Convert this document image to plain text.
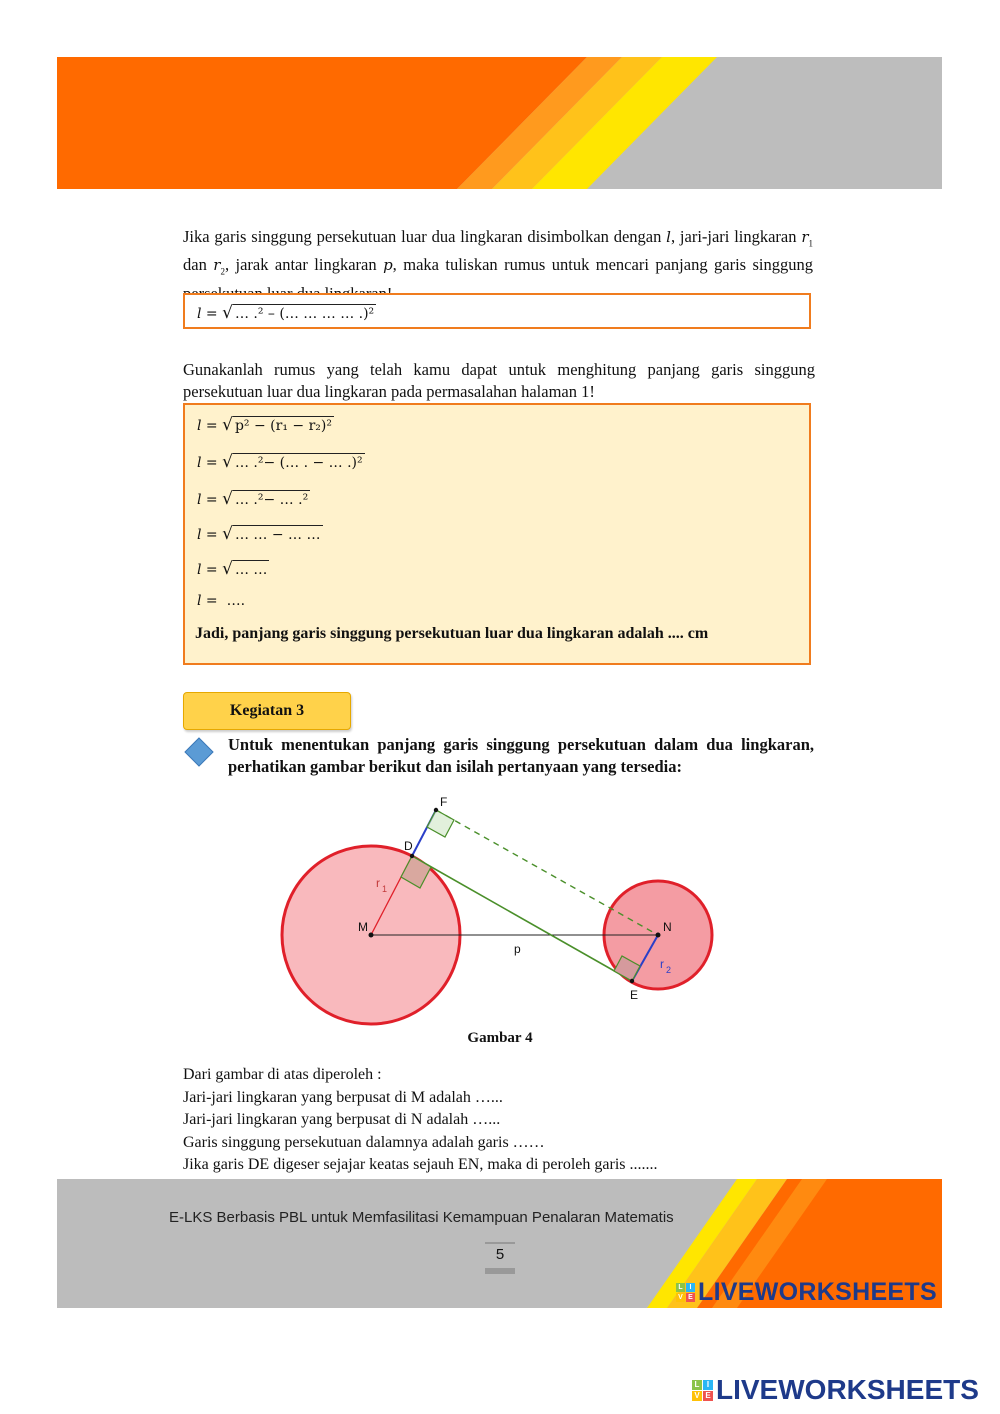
Jika garis singgung persekutuan luar dua lingkaran disimbolkan dengan l, jari-jari lingkaran $r_1$ dan $r_2$, jarak antar lingkaran p, maka tuliskan rumus untuk mencari panjang garis singgung
l = √ … .² – (… … … … .)²
Gunakanlah rumus yang telah kamu dapat untuk menghitung panjang garis singgung persekutuan luar dua lingkaran pada permasalahan halaman 1!
l = √ p² − (r₁ − r₂)²
l = √ … .²− (… . − … .)²
l = √ … .²− … .²
l = √ … … − … …
l = √ … …
l = ….
Jadi, panjang garis singgung persekutuan luar dua lingkaran adalah .... cm
Kegiatan 3
Untuk menentukan panjang garis singgung persekutuan dalam dua lingkaran, perhatikan gambar berikut dan isilah pertanyaan yang tersedia:
F
D
M	N
E
p
r 1
r 2
Gambar 4
Dari gambar di atas diperoleh :
Jari-jari lingkaran yang berpusat di M adalah …...
Jari-jari lingkaran yang berpusat di N adalah …...
Garis singgung persekutuan dalamnya adalah garis ……
Jika garis DE digeser sejajar keatas sejauh EN, maka di peroleh garis .......
E-LKS Berbasis PBL untuk Memfasilitasi Kemampuan Penalaran Matematis
5
L I
V E LIVEWORKSHEETS
L I
V E LIVEWORKSHEETS
